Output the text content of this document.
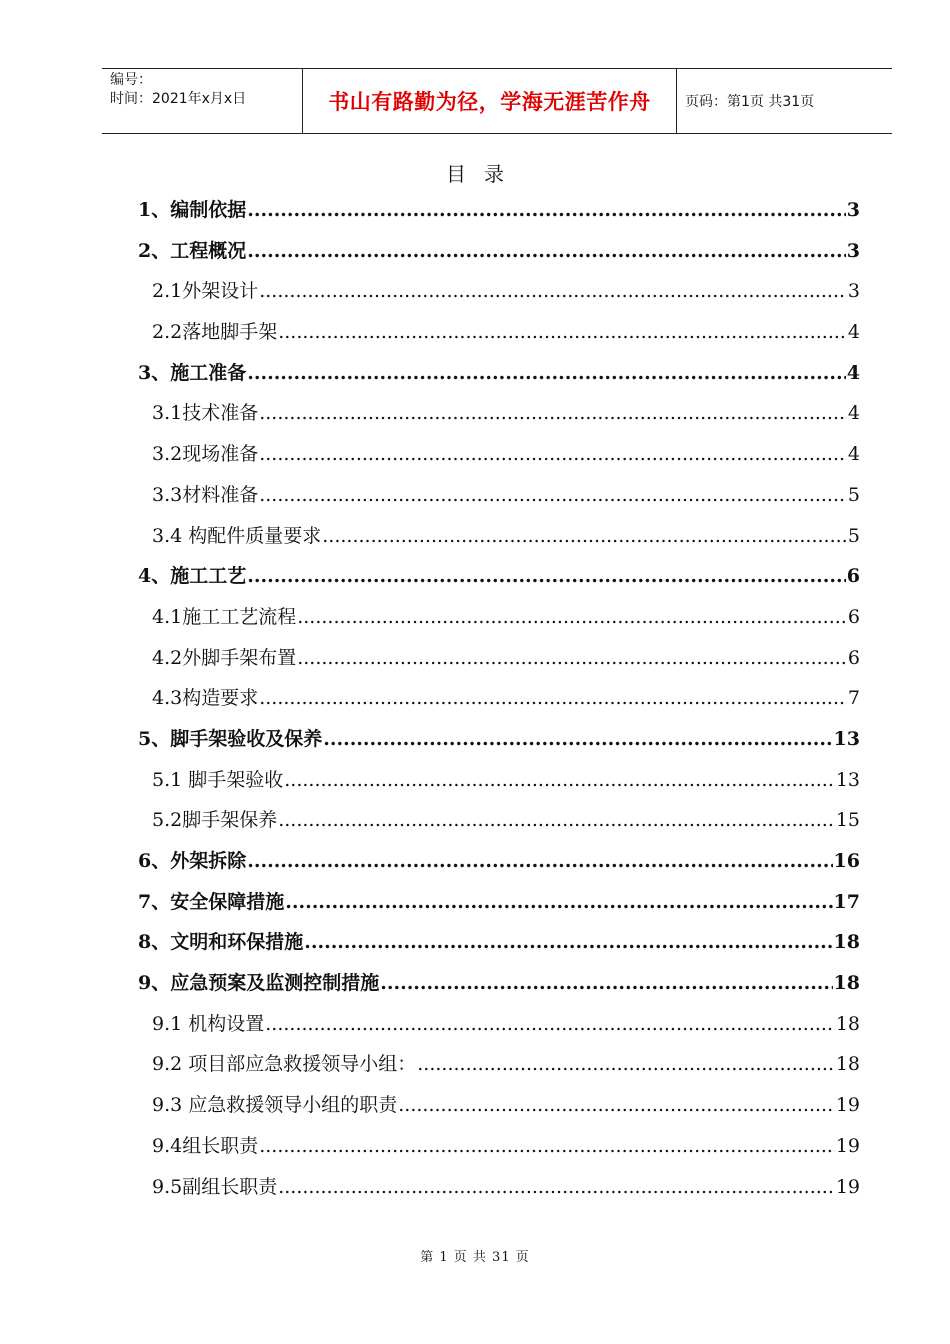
编号：
时间：2021年x月x日	书山有路勤为径，学海无涯苦作舟	页码：第1页 共31页
目录
1、编制依据 .....	3
2、工程概况 .....	3
2.1外架设计 .....	3
2.2落地脚手架 .....	4
3、施工准备 .....	4
3.1技术准备 .....	4
3.2现场准备 .....	4
3.3材料准备 .....	5
3.4 构配件质量要求 .....	5
4、施工工艺 .....	6
4.1施工工艺流程 .....	6
4.2外脚手架布置 .....	6
4.3构造要求 .....	7
5、脚手架验收及保养 .....	13
5.1 脚手架验收 .....	13
5.2脚手架保养 .....	15
6、外架拆除 .....	16
7、安全保障措施 .....	17
8、文明和环保措施 .....	18
9、应急预案及监测控制措施 .....	18
9.1 机构设置 .....	18
9.2 项目部应急救援领导小组： .....	18
9.3 应急救援领导小组的职责 .....	19
9.4组长职责 .....	19
9.5副组长职责 .....	19
第 1 页 共 31 页
